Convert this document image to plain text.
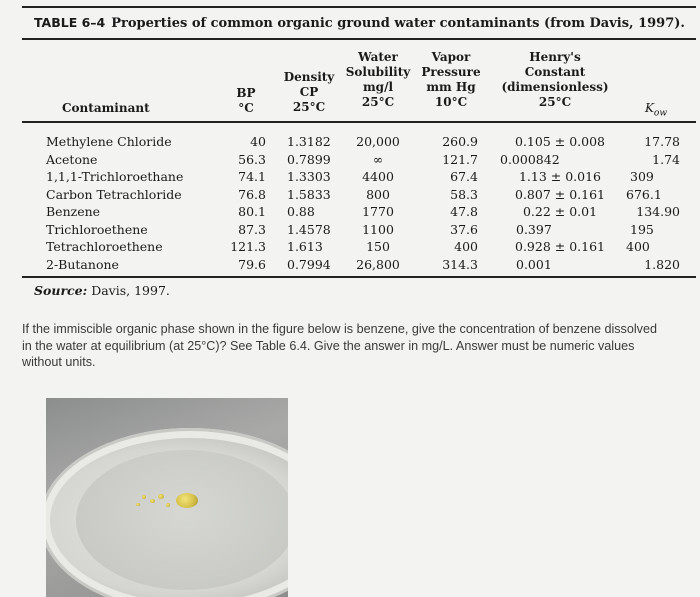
TABLE 6–4 Properties of common organic ground water contaminants (from Davis, 1997).
Contaminant
BP
°C
Density
CP
25°C
Water
Solubility
mg/l
25°C
Vapor
Pressure
mm Hg
10°C
Henry's
Constant
(dimensionless)
25°C	$K_{ow}$
Methylene Chloride
Acetone
1,1,1-Trichloroethane
Carbon Tetrachloride
Benzene
Trichloroethene
Tetrachloroethene
2-Butanone
40
56.3
74.1
76.8
80.1
87.3
121.3
79.6
1.3182
0.7899
1.3303
1.5833
0.88
1.4578
1.613
0.7994
20,000
∞
4400
800
1770
1100
150
26,800
260.9
121.7
67.4
58.3
47.8
37.6
400
314.3
0.105 ± 0.008
0.000842
1.13 ± 0.016
0.807 ± 0.161
0.22 ± 0.01
0.397
0.928 ± 0.161
0.001
17.78
1.74
309
676.1
134.90
195
400
1.820
Source: Davis, 1997.
If the immiscible organic phase shown in the figure below is benzene, give the concentration of benzene dissolved in the water at equilibrium (at 25°C)? See Table 6.4. Give the answer in mg/L. Answer must be numeric values without units.
